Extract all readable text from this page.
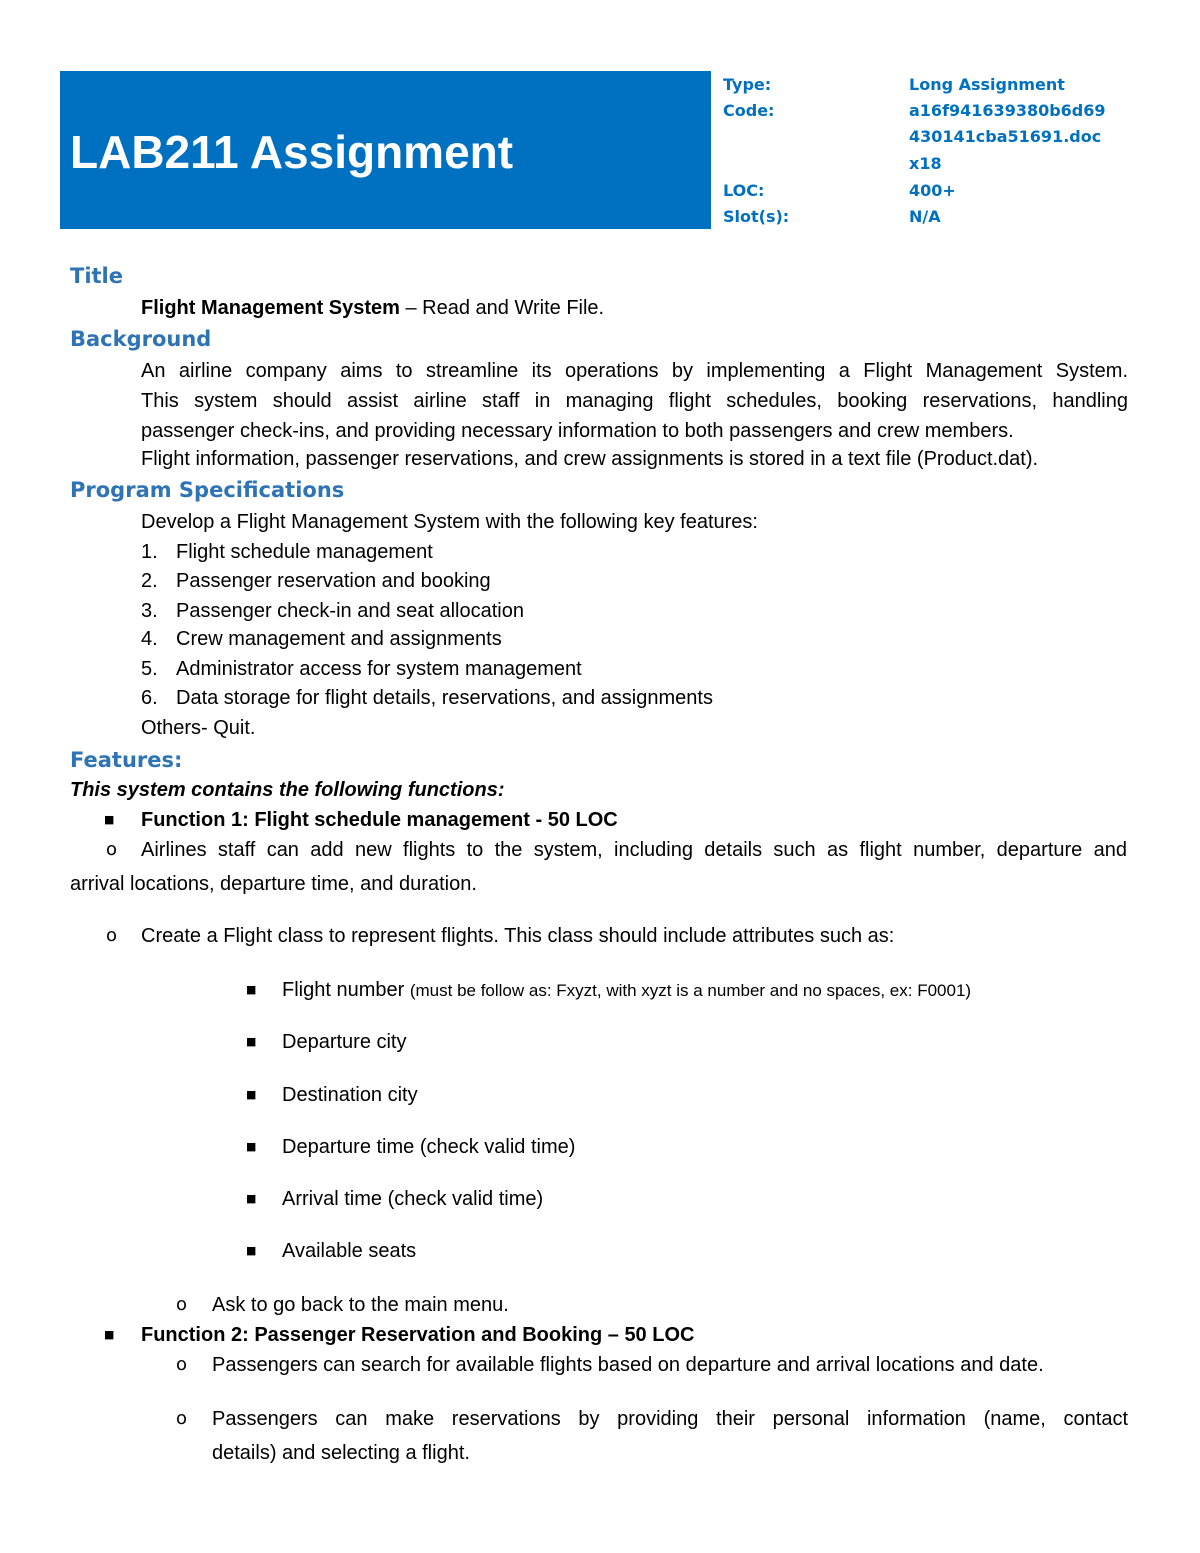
LAB211 Assignment
Type:	Long Assignment
Code:	a16f941639380b6d69
430141cba51691.doc
x18
LOC:	400+
Slot(s):	N/A
Title
Flight Management System – Read and Write File.
Background

An airline company aims to streamline its operations by implementing a Flight Management System.

This system should assist airline staff in managing flight schedules, booking reservations, handling

passenger check-ins, and providing necessary information to both passengers and crew members.
Flight information, passenger reservations, and crew assignments is stored in a text file (Product.dat).
Program Specifications
Develop a Flight Management System with the following key features:
1. Flight schedule management
2. Passenger reservation and booking
3. Passenger check-in and seat allocation
4. Crew management and assignments
5. Administrator access for system management
6. Data storage for flight details, reservations, and assignments
Others- Quit.
Features:
This system contains the following functions:
■ Function 1: Flight schedule management - 50 LOC
o Airlines staff can add new flights to the system, including details such as flight number, departure and

arrival locations, departure time, and duration.
o Create a Flight class to represent flights. This class should include attributes such as:
■ Flight number (must be follow as: Fxyzt, with xyzt is a number and no spaces, ex: F0001)
■ Departure city
■ Destination city
■ Departure time (check valid time)
■ Arrival time (check valid time)
■ Available seats
o Ask to go back to the main menu.
■ Function 2: Passenger Reservation and Booking – 50 LOC
o Passengers can search for available flights based on departure and arrival locations and date.
o Passengers can make reservations by providing their personal information (name, contact

details) and selecting a flight.
